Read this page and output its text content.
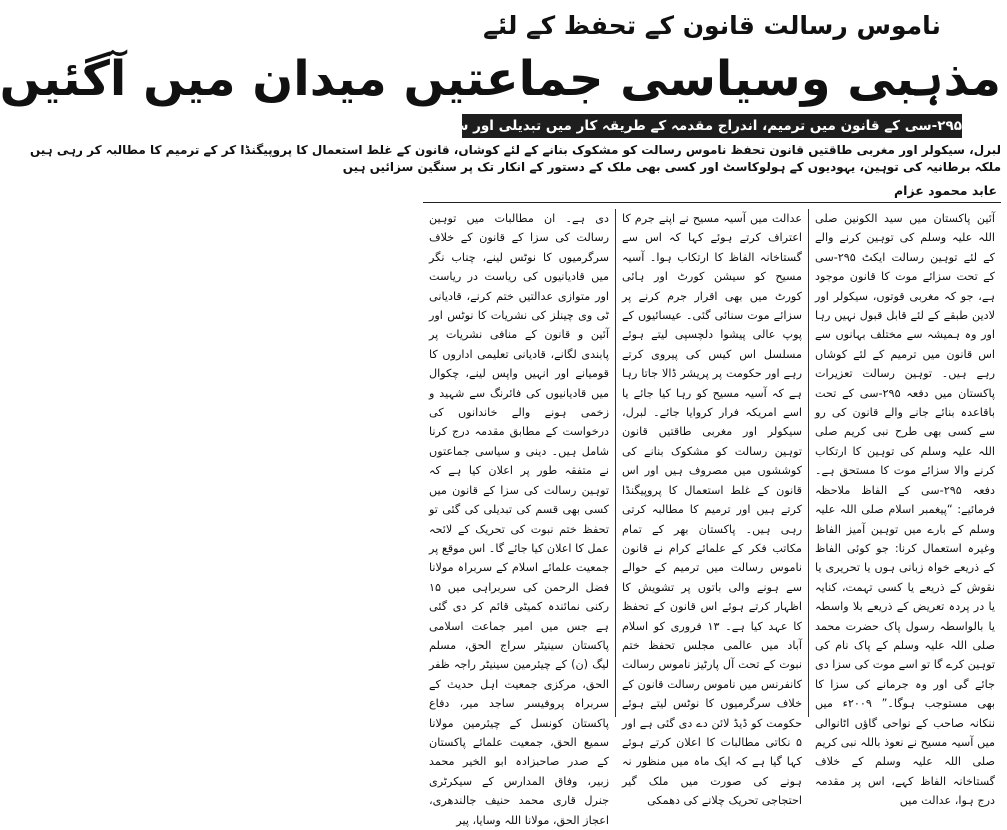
ناموس رسالت قانون کے تحفظ کے لئے
مذہبی وسیاسی جماعتیں میدان میں آگئیں
۲۹۵-سی کے قانون میں ترمیم، اندراج مقدمہ کے طریقہ کار میں تبدیلی اور سزا میں کمی کی خبریں تشویشناک
لبرل، سیکولر اور مغربی طاقتیں قانون تحفظ ناموس رسالت کو مشکوک بنانے کے لئے کوشاں، قانون کے غلط استعمال کا پروپیگنڈا کر کے ترمیم کا مطالبہ کر رہی ہیں
ملکہ برطانیہ کی توہین، یہودیوں کے ہولوکاسٹ اور کسی بھی ملک کے دستور کے انکار تک پر سنگین سزائیں ہیں
عابد محمود عزام

آئین پاکستان میں سید الکونین صلی اللہ علیہ وسلم کی توہین کرنے والے کے لئے توہین رسالت ایکٹ ۲۹۵-سی کے تحت سزائے موت کا قانون موجود ہے، جو کہ مغربی قوتوں، سیکولر اور لادین طبقے کے لئے قابل قبول نہیں رہا اور وہ ہمیشہ سے مختلف بہانوں سے اس قانون میں ترمیم کے لئے کوشاں رہے ہیں۔ توہین رسالت تعزیرات پاکستان میں دفعہ ۲۹۵-سی کے تحت باقاعدہ بنائے جانے والے قانون کی رو سے کسی بھی طرح نبی کریم صلی اللہ علیہ وسلم کی توہین کا ارتکاب کرنے والا سزائے موت کا مستحق ہے۔ دفعہ ۲۹۵-سی کے الفاظ ملاحظہ فرمائیے: “پیغمبر اسلام صلی اللہ علیہ وسلم کے بارے میں توہین آمیز الفاظ وغیرہ استعمال کرنا: جو کوئی الفاظ کے ذریعے خواہ زبانی ہوں یا تحریری یا نقوش کے ذریعے یا کسی تہمت، کنایہ یا در پردہ تعریض کے ذریعے بلا واسطہ یا بالواسطہ رسول پاک حضرت محمد صلی اللہ علیہ وسلم کے پاک نام کی توہین کرے گا تو اسے موت کی سزا دی جائے گی اور وہ جرمانے کی سزا کا بھی مستوجب ہوگا۔” ۲۰۰۹ء میں ننکانہ صاحب کے نواحی گاؤں اٹانوالی میں آسیہ مسیح نے نعوذ باللہ نبی کریم صلی اللہ علیہ وسلم کے خلاف گستاخانہ الفاظ کہے، اس پر مقدمہ درج ہوا، عدالت میں

عدالت میں آسیہ مسیح نے اپنے جرم کا اعتراف کرتے ہوئے کہا کہ اس سے گستاخانہ الفاظ کا ارتکاب ہوا۔ آسیہ مسیح کو سیشن کورٹ اور ہائی کورٹ میں بھی اقرار جرم کرنے پر سزائے موت سنائی گئی۔ عیسائیوں کے پوپ عالی پیشوا دلچسپی لیتے ہوئے مسلسل اس کیس کی پیروی کرتے رہے اور حکومت پر پریشر ڈالا جاتا رہا ہے کہ آسیہ مسیح کو رہا کیا جائے یا اسے امریکہ فرار کروایا جائے۔ لبرل، سیکولر اور مغربی طاقتیں قانون توہین رسالت کو مشکوک بنانے کی کوششوں میں مصروف ہیں اور اس قانون کے غلط استعمال کا پروپیگنڈا کرتے ہیں اور ترمیم کا مطالبہ کرتی رہی ہیں۔ پاکستان بھر کے تمام مکاتب فکر کے علمائے کرام نے قانون ناموس رسالت میں ترمیم کے حوالے سے ہونے والی باتوں پر تشویش کا اظہار کرتے ہوئے اس قانون کے تحفظ کا عہد کیا ہے۔ ۱۳ فروری کو اسلام آباد میں عالمی مجلس تحفظ ختم نبوت کے تحت آل پارٹیز ناموس رسالت کانفرنس میں ناموس رسالت قانون کے خلاف سرگرمیوں کا نوٹس لیتے ہوئے حکومت کو ڈیڈ لائن دے دی گئی ہے اور ۵ نکاتی مطالبات کا اعلان کرتے ہوئے کہا گیا ہے کہ ایک ماہ میں منظور نہ ہونے کی صورت میں ملک گیر احتجاجی تحریک چلانے کی دھمکی

دی ہے۔ ان مطالبات میں توہین رسالت کی سزا کے قانون کے خلاف سرگرمیوں کا نوٹس لینے، چناب نگر میں قادیانیوں کی ریاست در ریاست اور متوازی عدالتیں ختم کرنے، قادیانی ٹی وی چینلز کی نشریات کا نوٹس اور آئین و قانون کے منافی نشریات پر پابندی لگانے، قادیانی تعلیمی اداروں کا قومیانے اور انہیں واپس لینے، چکوال میں قادیانیوں کی فائرنگ سے شہید و زخمی ہونے والے خاندانوں کی درخواست کے مطابق مقدمہ درج کرنا شامل ہیں۔ دینی و سیاسی جماعتوں نے متفقہ طور پر اعلان کیا ہے کہ توہین رسالت کی سزا کے قانون میں کسی بھی قسم کی تبدیلی کی گئی تو تحفظ ختم نبوت کی تحریک کے لائحہ عمل کا اعلان کیا جائے گا۔ اس موقع پر جمعیت علمائے اسلام کے سربراہ مولانا فضل الرحمن کی سربراہی میں ۱۵ رکنی نمائندہ کمیٹی قائم کر دی گئی ہے جس میں امیر جماعت اسلامی پاکستان سینیٹر سراج الحق، مسلم لیگ (ن) کے چیئرمین سینیٹر راجہ ظفر الحق، مرکزی جمعیت اہل حدیث کے سربراہ پروفیسر ساجد میر، دفاع پاکستان کونسل کے چیئرمین مولانا سمیع الحق، جمعیت علمائے پاکستان کے صدر صاحبزادہ ابو الخیر محمد زبیر، وفاق المدارس کے سیکرٹری جنرل قاری محمد حنیف جالندھری، اعجاز الحق، مولانا اللہ وسایا، پیر
